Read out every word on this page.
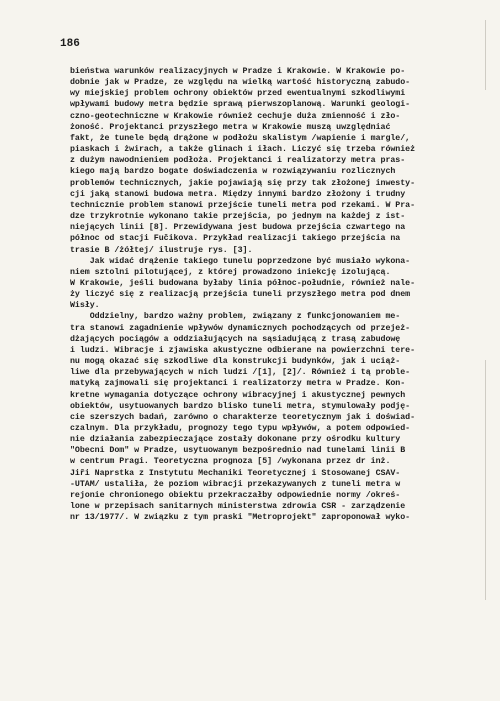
186
bieństwa warunków realizacyjnych w Pradze i Krakowie. W Krakowie po-
dobnie jak w Pradze, ze względu na wielką wartość historyczną zabudo-
wy miejskiej problem ochrony obiektów przed ewentualnymi szkodliwymi
wpływami budowy metra będzie sprawą pierwszoplanową. Warunki geologi-
czno-geotechniczne w Krakowie również cechuje duża zmienność i zło-
żoność. Projektanci przyszłego metra w Krakowie muszą uwzględniać
fakt, że tunele będą drążone w podłożu skalistym /wapienie i margle/,
piaskach i żwirach, a także glinach i iłach. Liczyć się trzeba również
z dużym nawodnieniem podłoża. Projektanci i realizatorzy metra pras-
kiego mają bardzo bogate doświadczenia w rozwiązywaniu rozlicznych
problemów technicznych, jakie pojawiają się przy tak złożonej inwesty-
cji jaką stanowi budowa metra. Między innymi bardzo złożony i trudny
technicznie problem stanowi przejście tuneli metra pod rzekami. W Pra-
dze trzykrotnie wykonano takie przejścia, po jednym na każdej z ist-
niejących linii [8]. Przewidywana jest budowa przejścia czwartego na
północ od stacji Fučikova. Przykład realizacji takiego przejścia na
trasie B /żółtej/ ilustruje rys. [3].
Jak widać drążenie takiego tunelu poprzedzone być musiało wykona-
niem sztolni pilotującej, z której prowadzono iniekcję izolującą.
W Krakowie, jeśli budowana byłaby linia północ-południe, również nale-
ży liczyć się z realizacją przejścia tuneli przyszłego metra pod dnem
Wisły.
Oddzielny, bardzo ważny problem, związany z funkcjonowaniem me-
tra stanowi zagadnienie wpływów dynamicznych pochodzących od przejeż-
dżających pociągów a oddziałujących na sąsiadującą z trasą zabudowę
i ludzi. Wibracje i zjawiska akustyczne odbierane na powierzchni tere-
nu mogą okazać się szkodliwe dla konstrukcji budynków, jak i uciąż-
liwe dla przebywających w nich ludzi /[1], [2]/. Również i tą proble-
matyką zajmowali się projektanci i realizatorzy metra w Pradze. Kon-
kretne wymagania dotyczące ochrony wibracyjnej i akustycznej pewnych
obiektów, usytuowanych bardzo blisko tuneli metra, stymulowały podję-
cie szerszych badań, zarówno o charakterze teoretycznym jak i doświad-
czalnym. Dla przykładu, prognozy tego typu wpływów, a potem odpowied-
nie działania zabezpieczające zostały dokonane przy ośrodku kultury
"Obecni Dom" w Pradze, usytuowanym bezpośrednio nad tunelami linii B
w centrum Pragi. Teoretyczna prognoza [5] /wykonana przez dr inż.
Jiři Naprstka z Instytutu Mechaniki Teoretycznej i Stosowanej CSAV-
-UTAM/ ustaliła, że poziom wibracji przekazywanych z tuneli metra w
rejonie chronionego obiektu przekraczałby odpowiednie normy /okreś-
lone w przepisach sanitarnych ministerstwa zdrowia CSR - zarządzenie
nr 13/1977/. W związku z tym praski "Metroprojekt" zaproponował wyko-
